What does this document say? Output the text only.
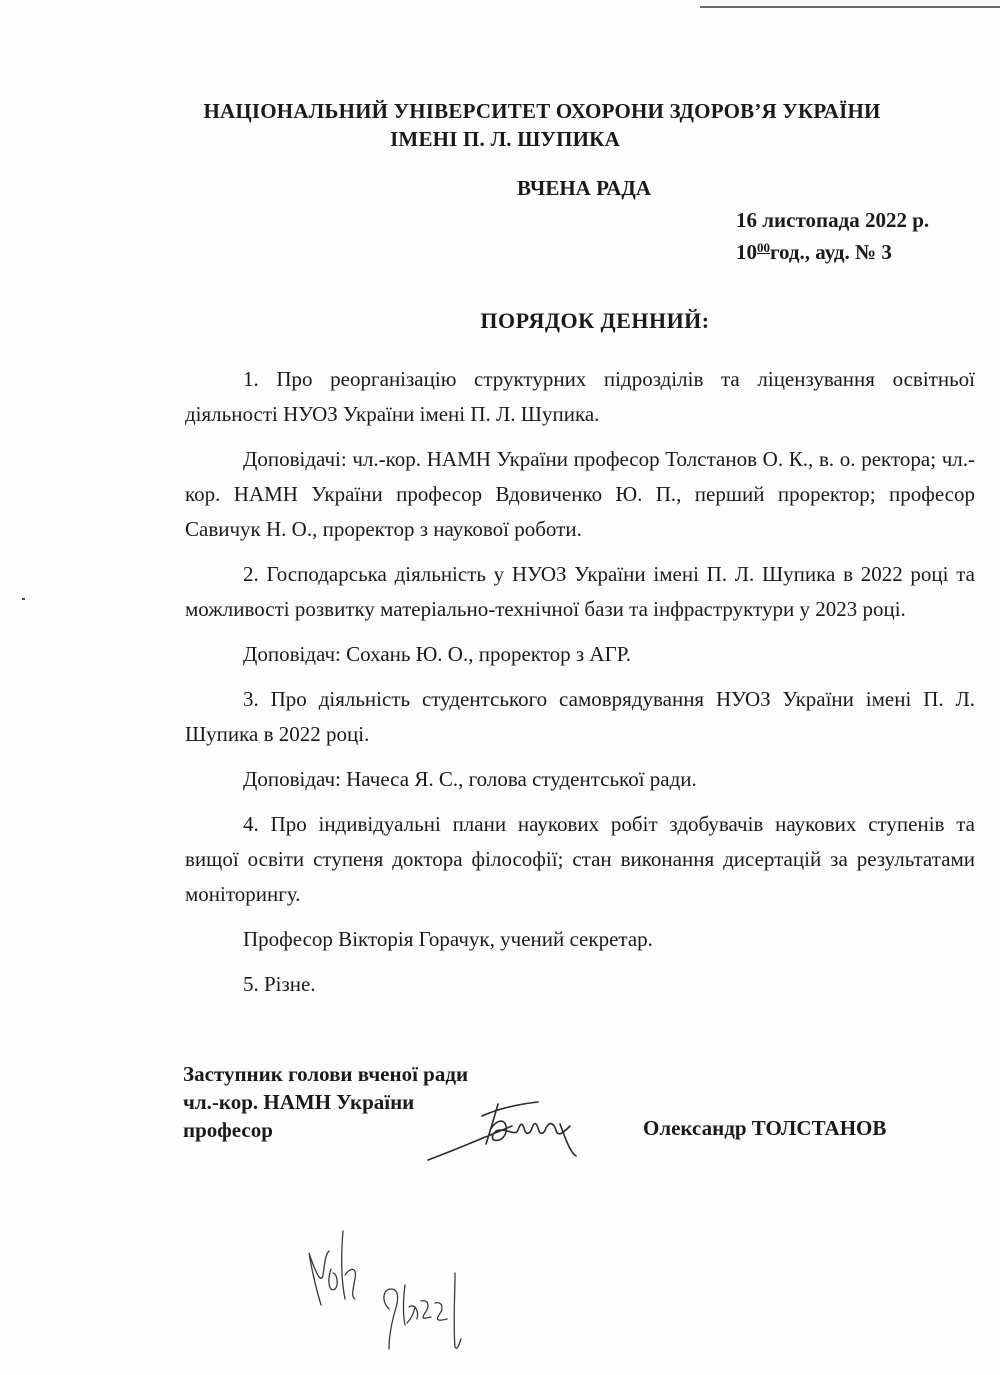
НАЦІОНАЛЬНИЙ УНІВЕРСИТЕТ ОХОРОНИ ЗДОРОВ’Я УКРАЇНИ
ІМЕНІ П. Л. ШУПИКА
ВЧЕНА РАДА
16 листопада 2022 р.
$10^{00}год$., ауд. № 3
ПОРЯДОК ДЕННИЙ:

1. Про реорганізацію структурних підрозділів та ліцензування освітньої діяльності НУОЗ України імені П. Л. Шупика.

Доповідачі: чл.-кор. НАМН України професор Толстанов О. К., в. о. ректора; чл.-кор. НАМН України професор Вдовиченко Ю. П., перший проректор; професор Савичук Н. О., проректор з наукової роботи.

2. Господарська діяльність у НУОЗ України імені П. Л. Шупика в 2022 році та можливості розвитку матеріально-технічної бази та інфраструктури у 2023 році.

Доповідач: Сохань Ю. О., проректор з АГР.

3. Про діяльність студентського самоврядування НУОЗ України імені П. Л. Шупика в 2022 році.

Доповідач: Начеса Я. С., голова студентської ради.

4. Про індивідуальні плани наукових робіт здобувачів наукових ступенів та вищої освіти ступеня доктора філософії; стан виконання дисертацій за результатами моніторингу.

Професор Вікторія Горачук, учений секретар.

5. Різне.

Заступник голови вченої ради
чл.-кор. НАМН України
професор	Олександр ТОЛСТАНОВ
